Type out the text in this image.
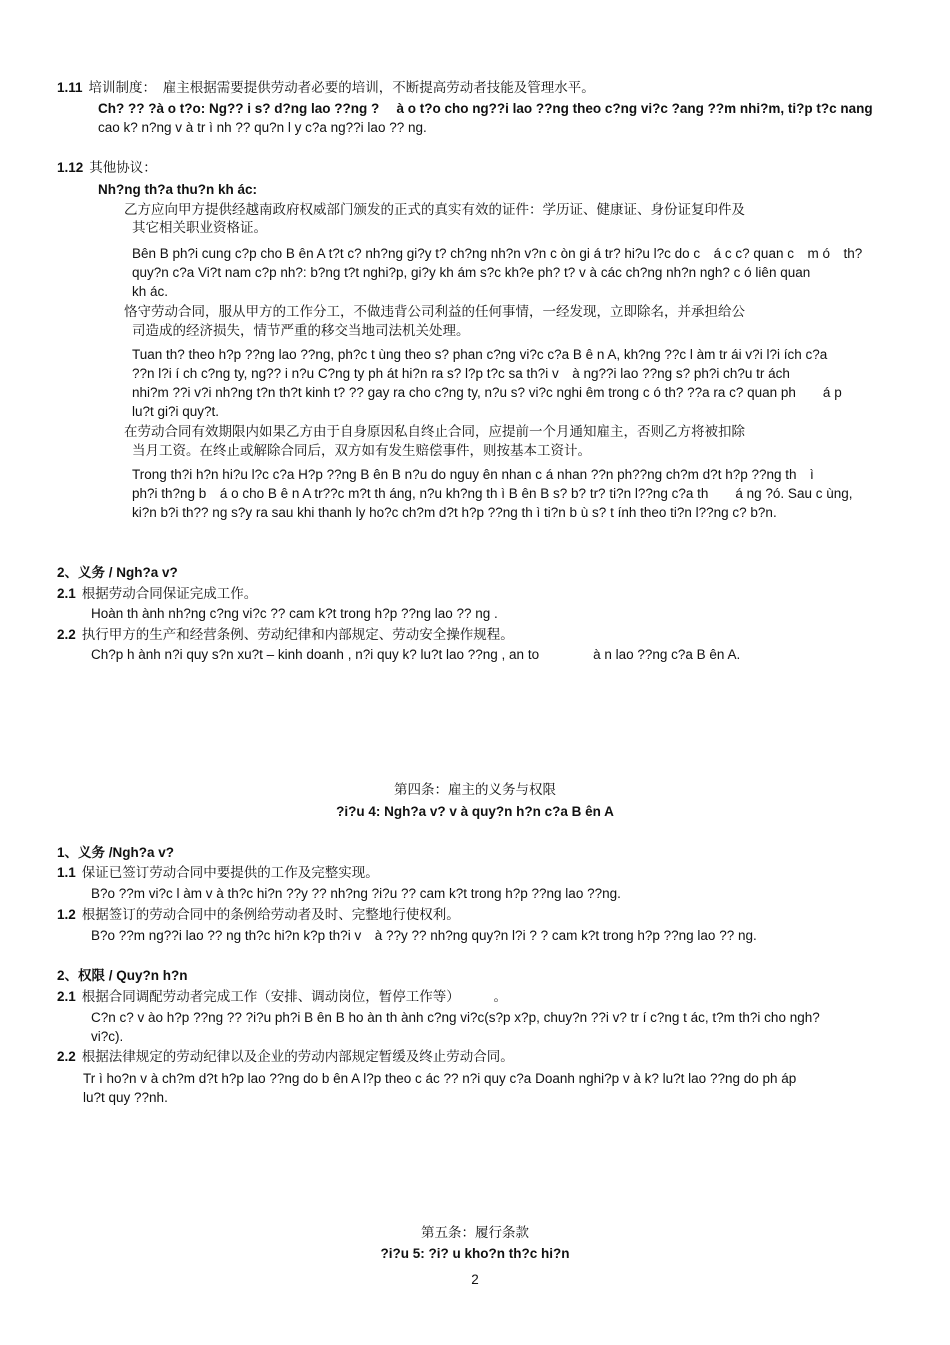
1.11 培训制度：　雇主根据需要提供劳动者必要的培训，不断提高劳动者技能及管理水平。
Ch? ?? ?à o t?o: Ng?? i s? d?ng lao ??ng ?　 à o t?o cho ng??i lao ??ng theo c?ng vi?c ?ang ??m nhi?m, ti?p t?c nang
cao k? n?ng v à tr ì nh ?? qu?n l y c?a ng??i lao ?? ng.
1.12 其他协议：
Nh?ng th?a thu?n kh ác:
乙方应向甲方提供经越南政府权威部门颁发的正式的真实有效的证件：学历证、健康证、身份证复印件及
其它相关职业资格证。
Bên B ph?i cung c?p cho B ên A t?t c? nh?ng gi?y t? ch?ng nh?n v?n c òn gi á tr? hi?u l?c do c　á c c? quan c　m ó　th?
quy?n c?a Vi?t nam c?p nh?: b?ng t?t nghi?p, gi?y kh ám s?c kh?e ph? t? v à các ch?ng nh?n ngh? c ó liên quan
kh ác.
恪守劳动合同，服从甲方的工作分工，不做违背公司利益的任何事情，一经发现，立即除名，并承担给公
司造成的经济损失，情节严重的移交当地司法机关处理。
Tuan th? theo h?p ??ng lao ??ng, ph?c t ùng theo s? phan c?ng vi?c c?a B ê n A, kh?ng ??c l àm tr ái v?i l?i ích c?a
??n l?i í ch c?ng ty, ng?? i n?u C?ng ty ph át hi?n ra s? l?p t?c sa th?i v　à ng??i lao ??ng s? ph?i ch?u tr ách
nhi?m ??i v?i nh?ng t?n th?t kinh t? ?? gay ra cho c?ng ty, n?u s? vi?c nghi êm trong c ó th? ??a ra c? quan ph　　á p
lu?t gi?i quy?t.
在劳动合同有效期限内如果乙方由于自身原因私自终止合同，应提前一个月通知雇主，否则乙方将被扣除
当月工资。在终止或解除合同后，双方如有发生赔偿事件，则按基本工资计。
Trong th?i h?n hi?u l?c c?a H?p ??ng B ên B n?u do nguy ên nhan c á nhan ??n ph??ng ch?m d?t h?p ??ng th　ì
ph?i th?ng b　á o cho B ê n A tr??c m?t th áng, n?u kh?ng th ì B ên B s? b? tr? ti?n l??ng c?a th　　á ng ?ó. Sau c ùng,
ki?n b?i th?? ng s?y ra sau khi thanh ly ho?c ch?m d?t h?p ??ng th ì ti?n b ù s? t ính theo ti?n l??ng c? b?n.
2、义务 / Ngh?a v?
2.1 根据劳动合同保证完成工作。
Hoàn th ành nh?ng c?ng vi?c ?? cam k?t trong h?p ??ng lao ?? ng .
2.2 执行甲方的生产和经营条例、劳动纪律和内部规定、劳动安全操作规程。
Ch?p h ành n?i quy s?n xu?t – kinh doanh , n?i quy k? lu?t lao ??ng , an to　　　　à n lao ??ng c?a B ên A.
第四条：雇主的义务与权限
?i?u 4: Ngh?a v? v à quy?n h?n c?a B ên A
1、义务 /Ngh?a v?
1.1 保证已签订劳动合同中要提供的工作及完整实现。
B?o ??m vi?c l àm v à th?c hi?n ??y ?? nh?ng ?i?u ?? cam k?t trong h?p ??ng lao ??ng.
1.2 根据签订的劳动合同中的条例给劳动者及时、完整地行使权利。
B?o ??m ng??i lao ?? ng th?c hi?n k?p th?i v　à ??y ?? nh?ng quy?n l?i ? ? cam k?t trong h?p ??ng lao ?? ng.
2、权限 / Quy?n h?n
2.1 根据合同调配劳动者完成工作（安排、调动岗位，暂停工作等）　　　。
C?n c? v ào h?p ??ng ?? ?i?u ph?i B ên B ho àn th ành c?ng vi?c(s?p x?p, chuy?n ??i v? tr í c?ng t ác, t?m th?i cho ngh?
vi?c).
2.2 根据法律规定的劳动纪律以及企业的劳动内部规定暂缓及终止劳动合同。
Tr ì ho?n v à ch?m d?t h?p lao ??ng do b ên A l?p theo c ác ?? n?i quy c?a Doanh nghi?p v à k? lu?t lao ??ng do ph áp
lu?t quy ??nh.
第五条：履行条款
?i?u 5: ?i? u kho?n th?c hi?n
2
